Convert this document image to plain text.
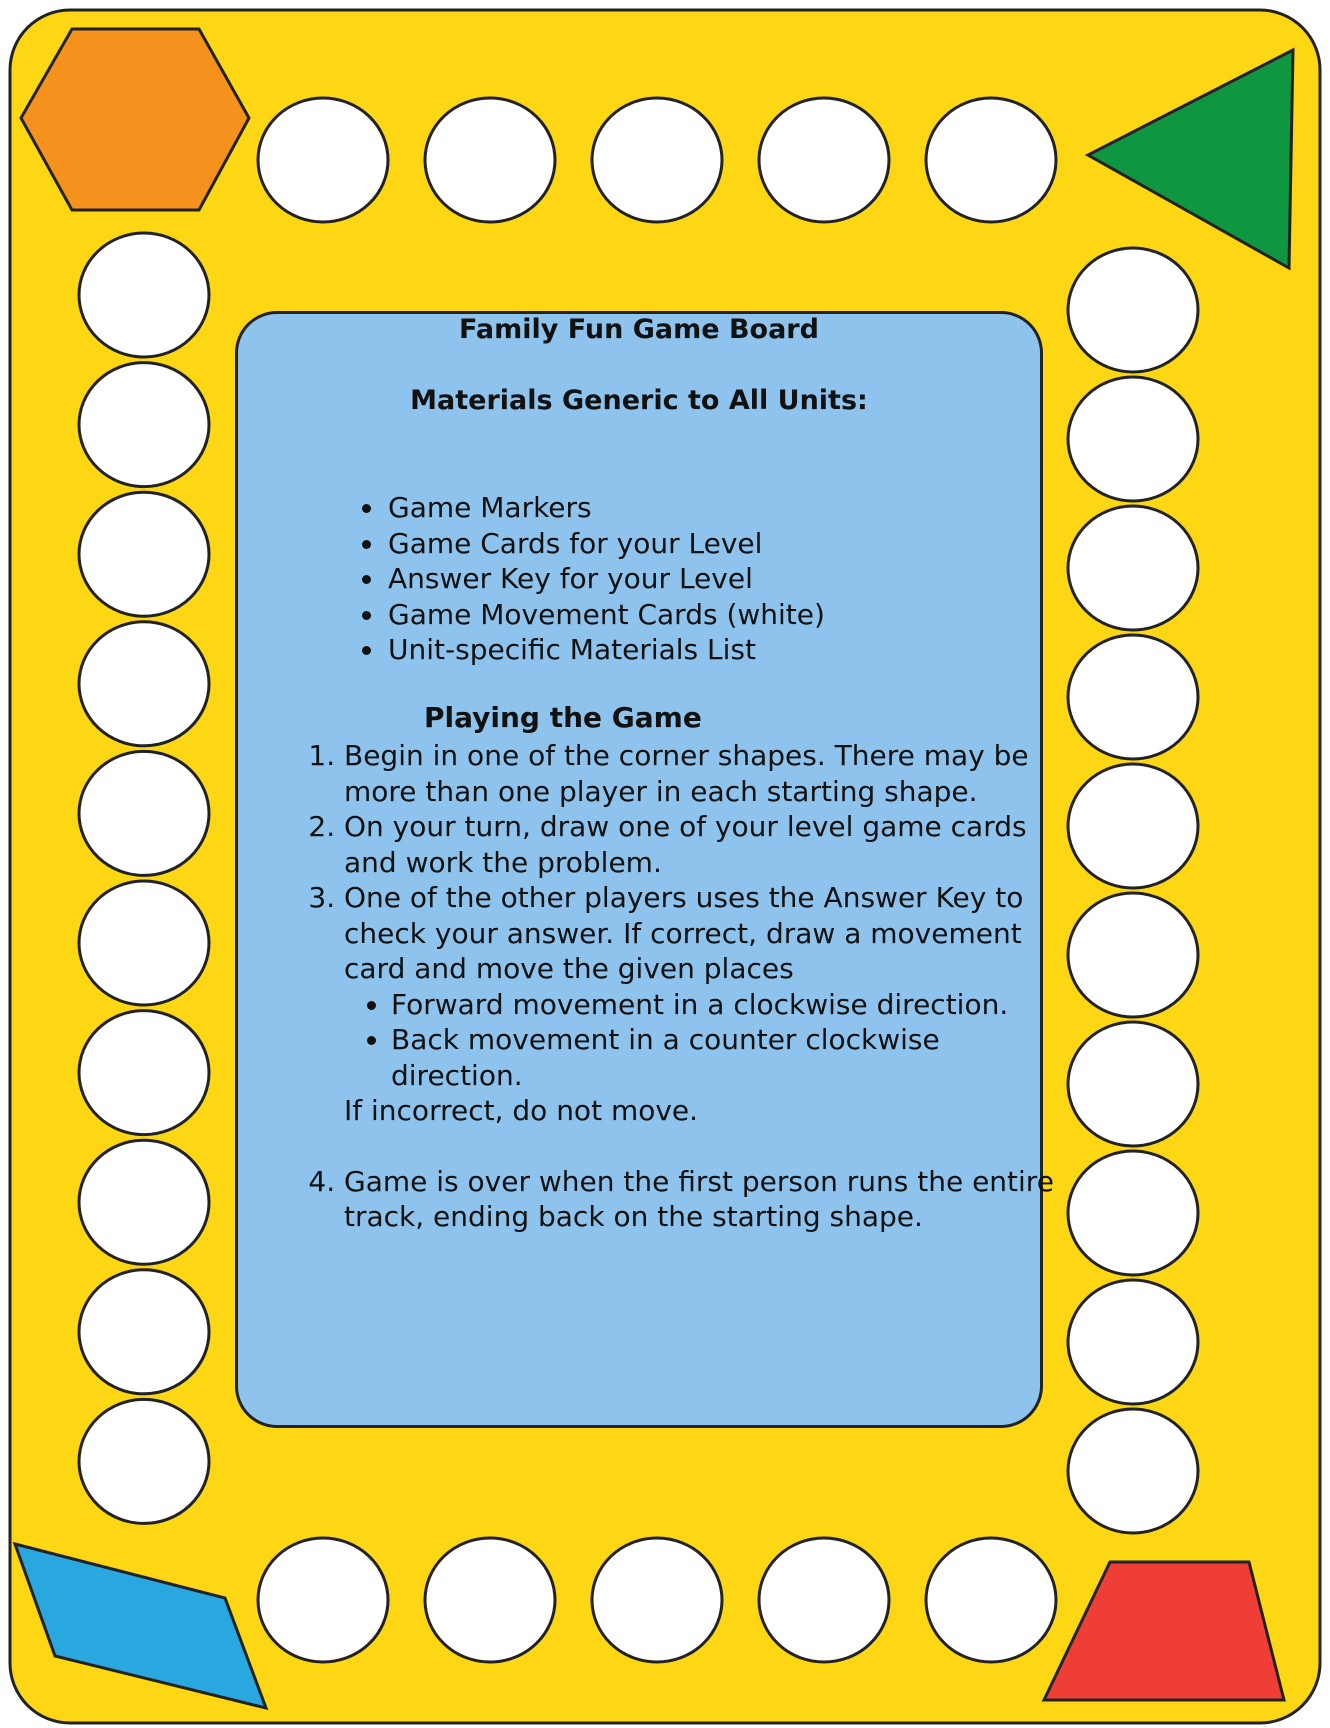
Family Fun Game Board

Materials Generic to All Units:

• Game Markers
• Game Cards for your Level
• Answer Key for your Level
• Game Movement Cards (white)
• Unit-specific Materials List

Playing the Game

1. Begin in one of the corner shapes. There may be more than one player in each starting shape.
2. On your turn, draw one of your level game cards and work the problem.
3. One of the other players uses the Answer Key to check your answer. If correct, draw a movement card and move the given places
• Forward movement in a clockwise direction.
• Back movement in a counter clockwise direction.
If incorrect, do not move.
4. Game is over when the first person runs the entire track, ending back on the starting shape.
